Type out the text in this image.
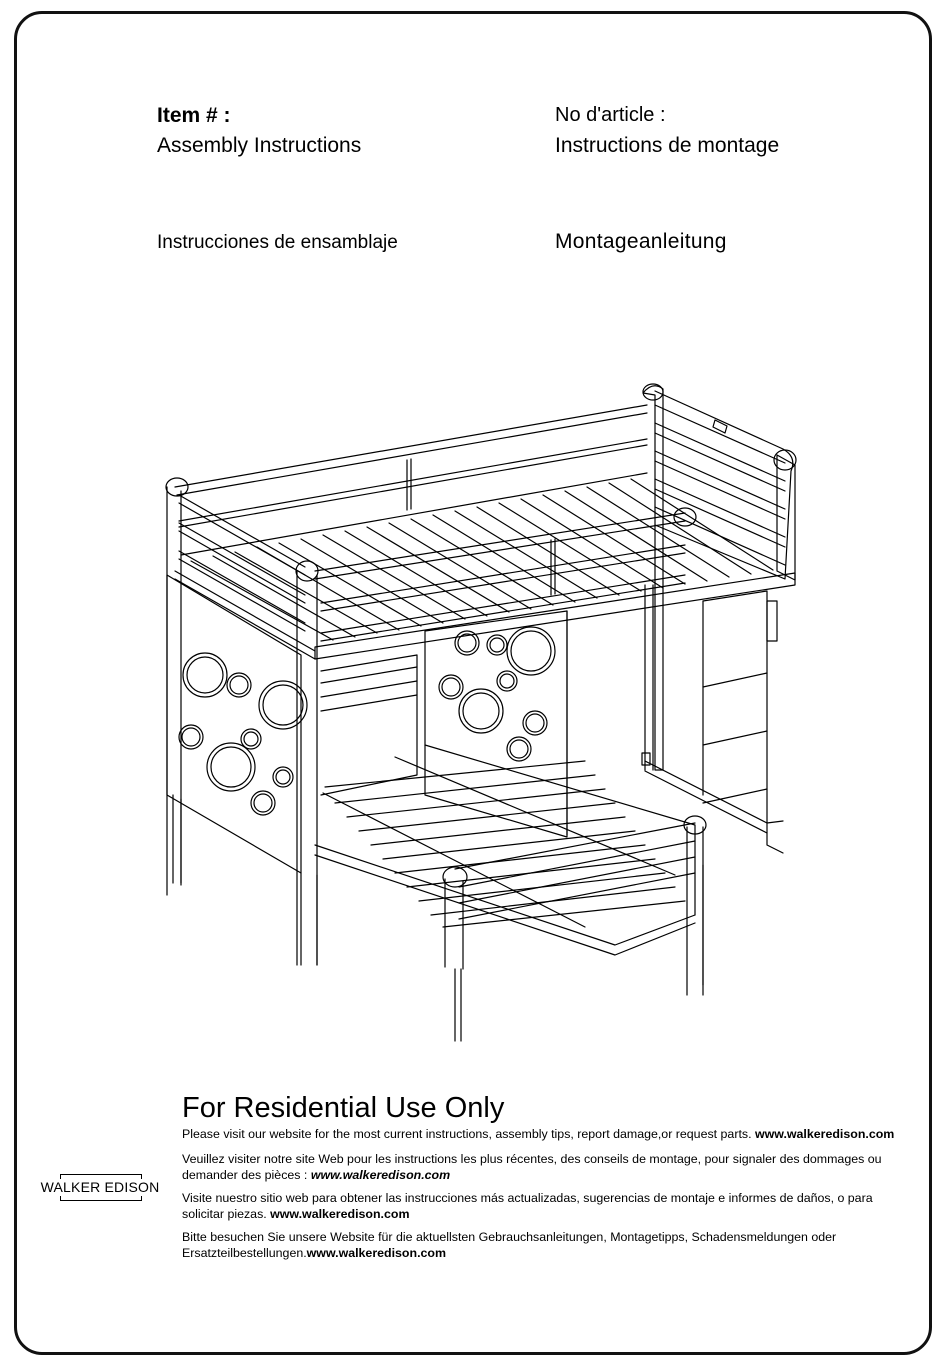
Item # :
Assembly Instructions
No d'article :
Instructions de montage
Instrucciones de ensamblaje	Montageanleitung
For Residential Use Only
Please visit our website for the most current instructions, assembly tips, report damage,or request parts. www.walkeredison.com
Veuillez visiter notre site Web pour les instructions les plus récentes, des conseils de montage, pour signaler des dommages ou demander des pièces : www.walkeredison.com
Visite nuestro sitio web para obtener las instrucciones más actualizadas, sugerencias de montaje e informes de daños, o para solicitar piezas. www.walkeredison.com
Bitte besuchen Sie unsere Website für die aktuellsten Gebrauchsanleitungen, Montagetipps, Schadensmeldungen oder Ersatzteilbestellungen.www.walkeredison.com
WALKER EDISON
